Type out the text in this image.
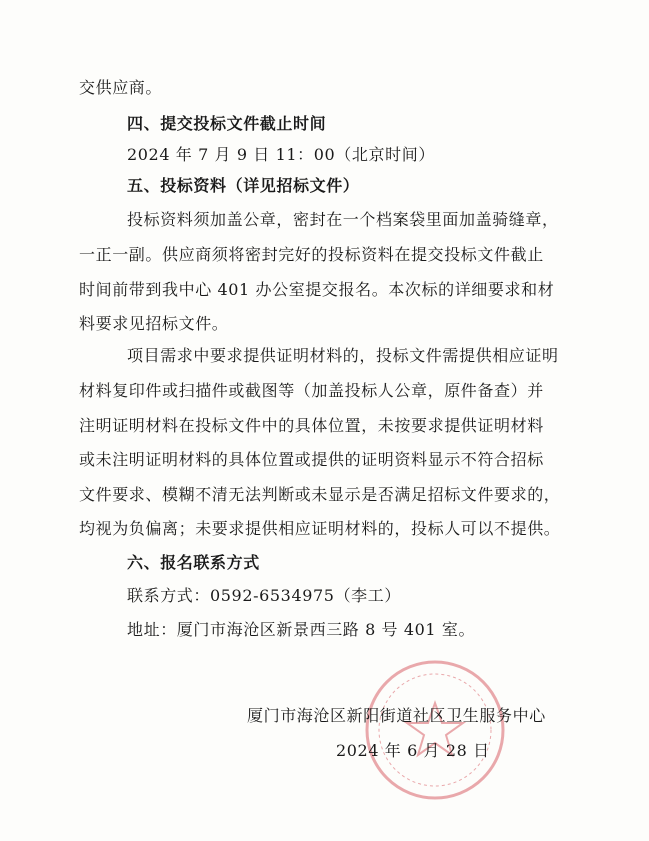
交供应商。
四、提交投标文件截止时间
2024 年 7 月 9 日 11：00（北京时间）
五、投标资料（详见招标文件）
投标资料须加盖公章，密封在一个档案袋里面加盖骑缝章，
一正一副。供应商须将密封完好的投标资料在提交投标文件截止
时间前带到我中心 401 办公室提交报名。本次标的详细要求和材
料要求见招标文件。
项目需求中要求提供证明材料的，投标文件需提供相应证明
材料复印件或扫描件或截图等（加盖投标人公章，原件备查）并
注明证明材料在投标文件中的具体位置，未按要求提供证明材料
或未注明证明材料的具体位置或提供的证明资料显示不符合招标
文件要求、模糊不清无法判断或未显示是否满足招标文件要求的，
均视为负偏离；未要求提供相应证明材料的，投标人可以不提供。
六、报名联系方式
联系方式：0592-6534975（李工）
地址：厦门市海沧区新景西三路 8 号 401 室。
厦门市海沧区新阳街道社区卫生服务中心
2024 年 6 月 28 日
